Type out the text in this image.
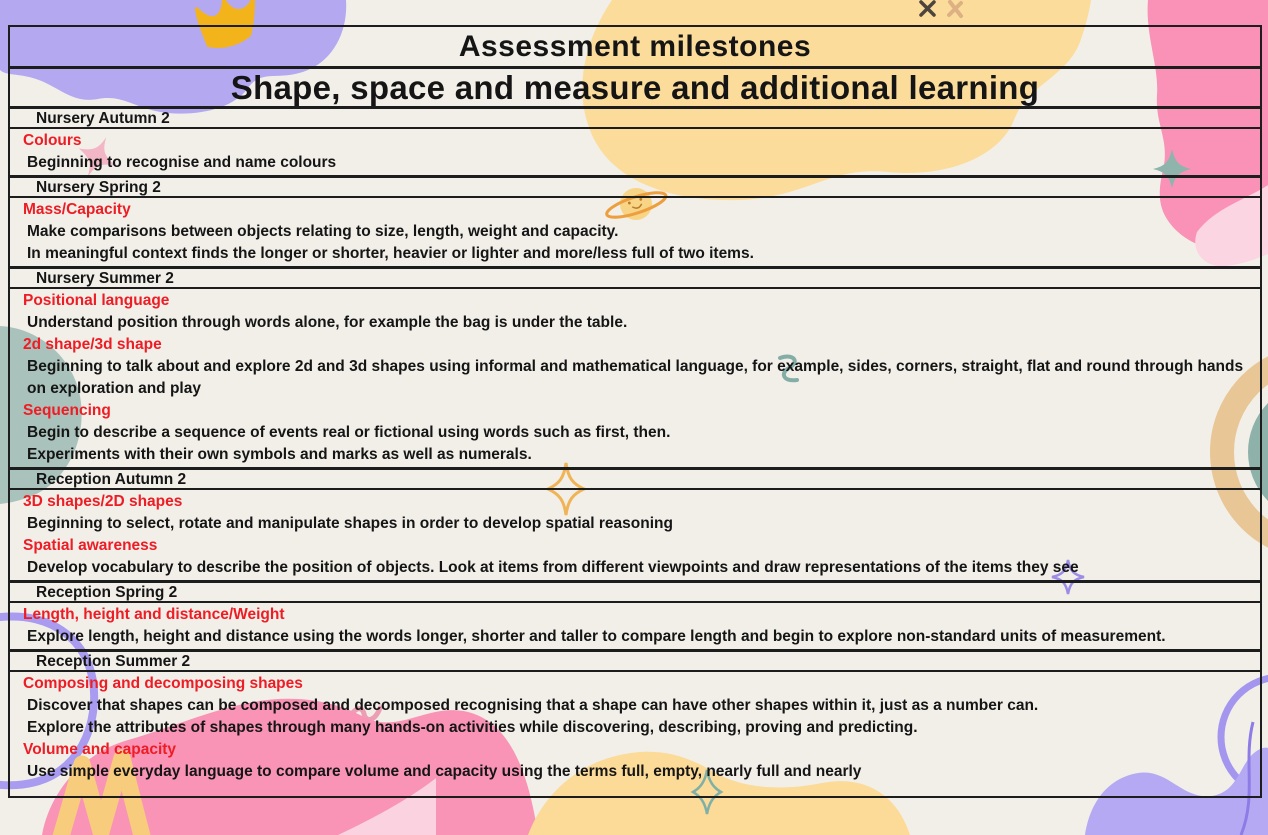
Assessment milestones
Shape, space and measure and additional learning
Nursery Autumn 2
Colours
Beginning to recognise and name colours
Nursery Spring 2
Mass/Capacity
Make comparisons between objects relating to size, length, weight and capacity.
In meaningful context finds the longer or shorter, heavier or lighter and more/less full of two items.
Nursery Summer 2
Positional language
Understand position through words alone, for example the bag is under the table.
2d shape/3d shape
Beginning to talk about and explore 2d and 3d shapes using informal and mathematical language, for example, sides, corners, straight, flat and round through hands on exploration and play
Sequencing
Begin to describe a sequence of events real or fictional using words such as first, then.
Experiments with their own symbols and marks as well as numerals.
Reception Autumn 2
3D shapes/2D shapes
Beginning to select, rotate and manipulate shapes in order to develop spatial reasoning
Spatial awareness
Develop vocabulary to describe the position of objects. Look at items from different viewpoints and draw representations of the items they see
Reception Spring 2
Length, height and distance/Weight
Explore length, height and distance using the words longer, shorter and taller to compare length and begin to explore non-standard units of measurement.
Reception Summer 2
Composing and decomposing shapes
Discover that shapes can be composed and decomposed recognising that a shape can have other shapes within it, just as a number can.
Explore the attributes of shapes through many hands-on activities while discovering, describing, proving and predicting.
Volume and capacity
Use simple everyday language to compare volume and capacity using the terms full, empty, nearly full and nearly
